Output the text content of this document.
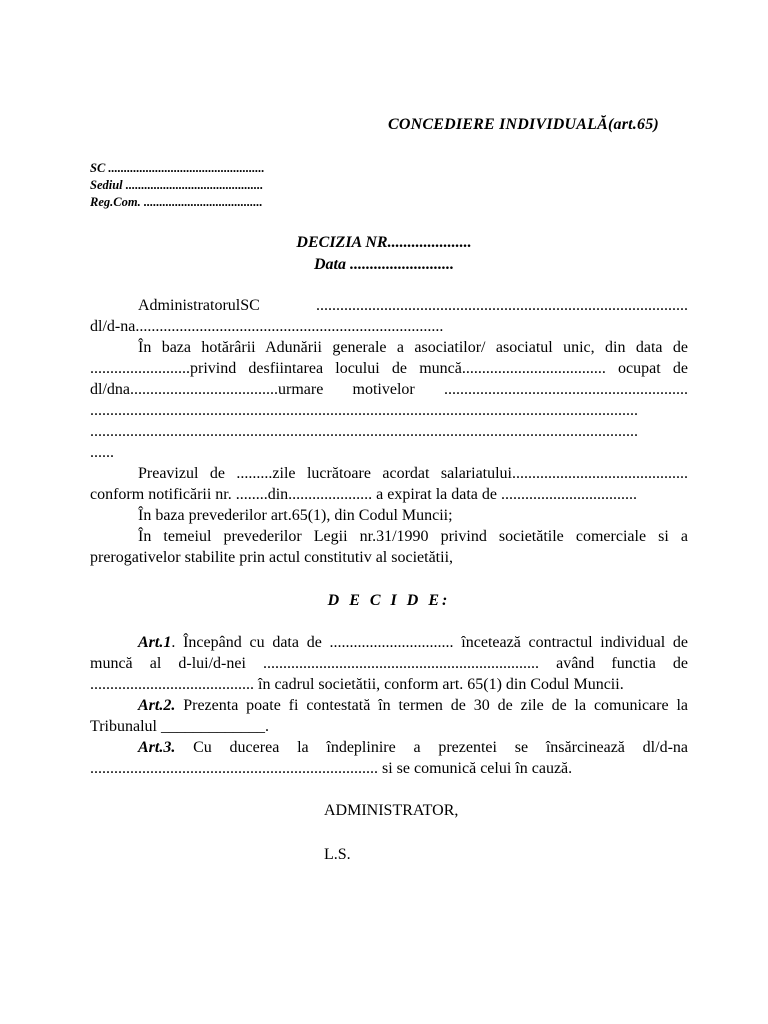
CONCEDIERE INDIVIDUALĂ(art.65)
SC ..................................................
Sediul ............................................
Reg.Com. ......................................
DECIZIA NR.....................
Data ..........................
AdministratorulSC .............................................................................................
dl/d-na.............................................................................
În baza hotărârii Adunării generale a asociatilor/ asociatul unic, din data de
.........................privind desfiintarea locului de muncă.................................... ocupat de
dl/dna.....................................urmare motivelor .............................................................
.........................................................................................................................................
.........................................................................................................................................
......
Preavizul de .........zile lucrătoare acordat salariatului............................................
conform notificării nr. ........din..................... a expirat la data de ..................................
În baza prevederilor art.65(1), din Codul Muncii;
În temeiul prevederilor Legii nr.31/1990 privind societătile comerciale si a
prerogativelor stabilite prin actul constitutiv al societătii,
D E C I D E:
Art.1. Începând cu data de ............................... încetează contractul individual de
muncă al d-lui/d-nei ..................................................................... având functia de
......................................... în cadrul societătii, conform art. 65(1) din Codul Muncii.
Art.2. Prezenta poate fi contestată în termen de 30 de zile de la comunicare la
Tribunalul _____________.
Art.3. Cu ducerea la îndeplinire a prezentei se însărcinează dl/d-na
........................................................................ si se comunică celui în cauză.
ADMINISTRATOR,
L.S.
